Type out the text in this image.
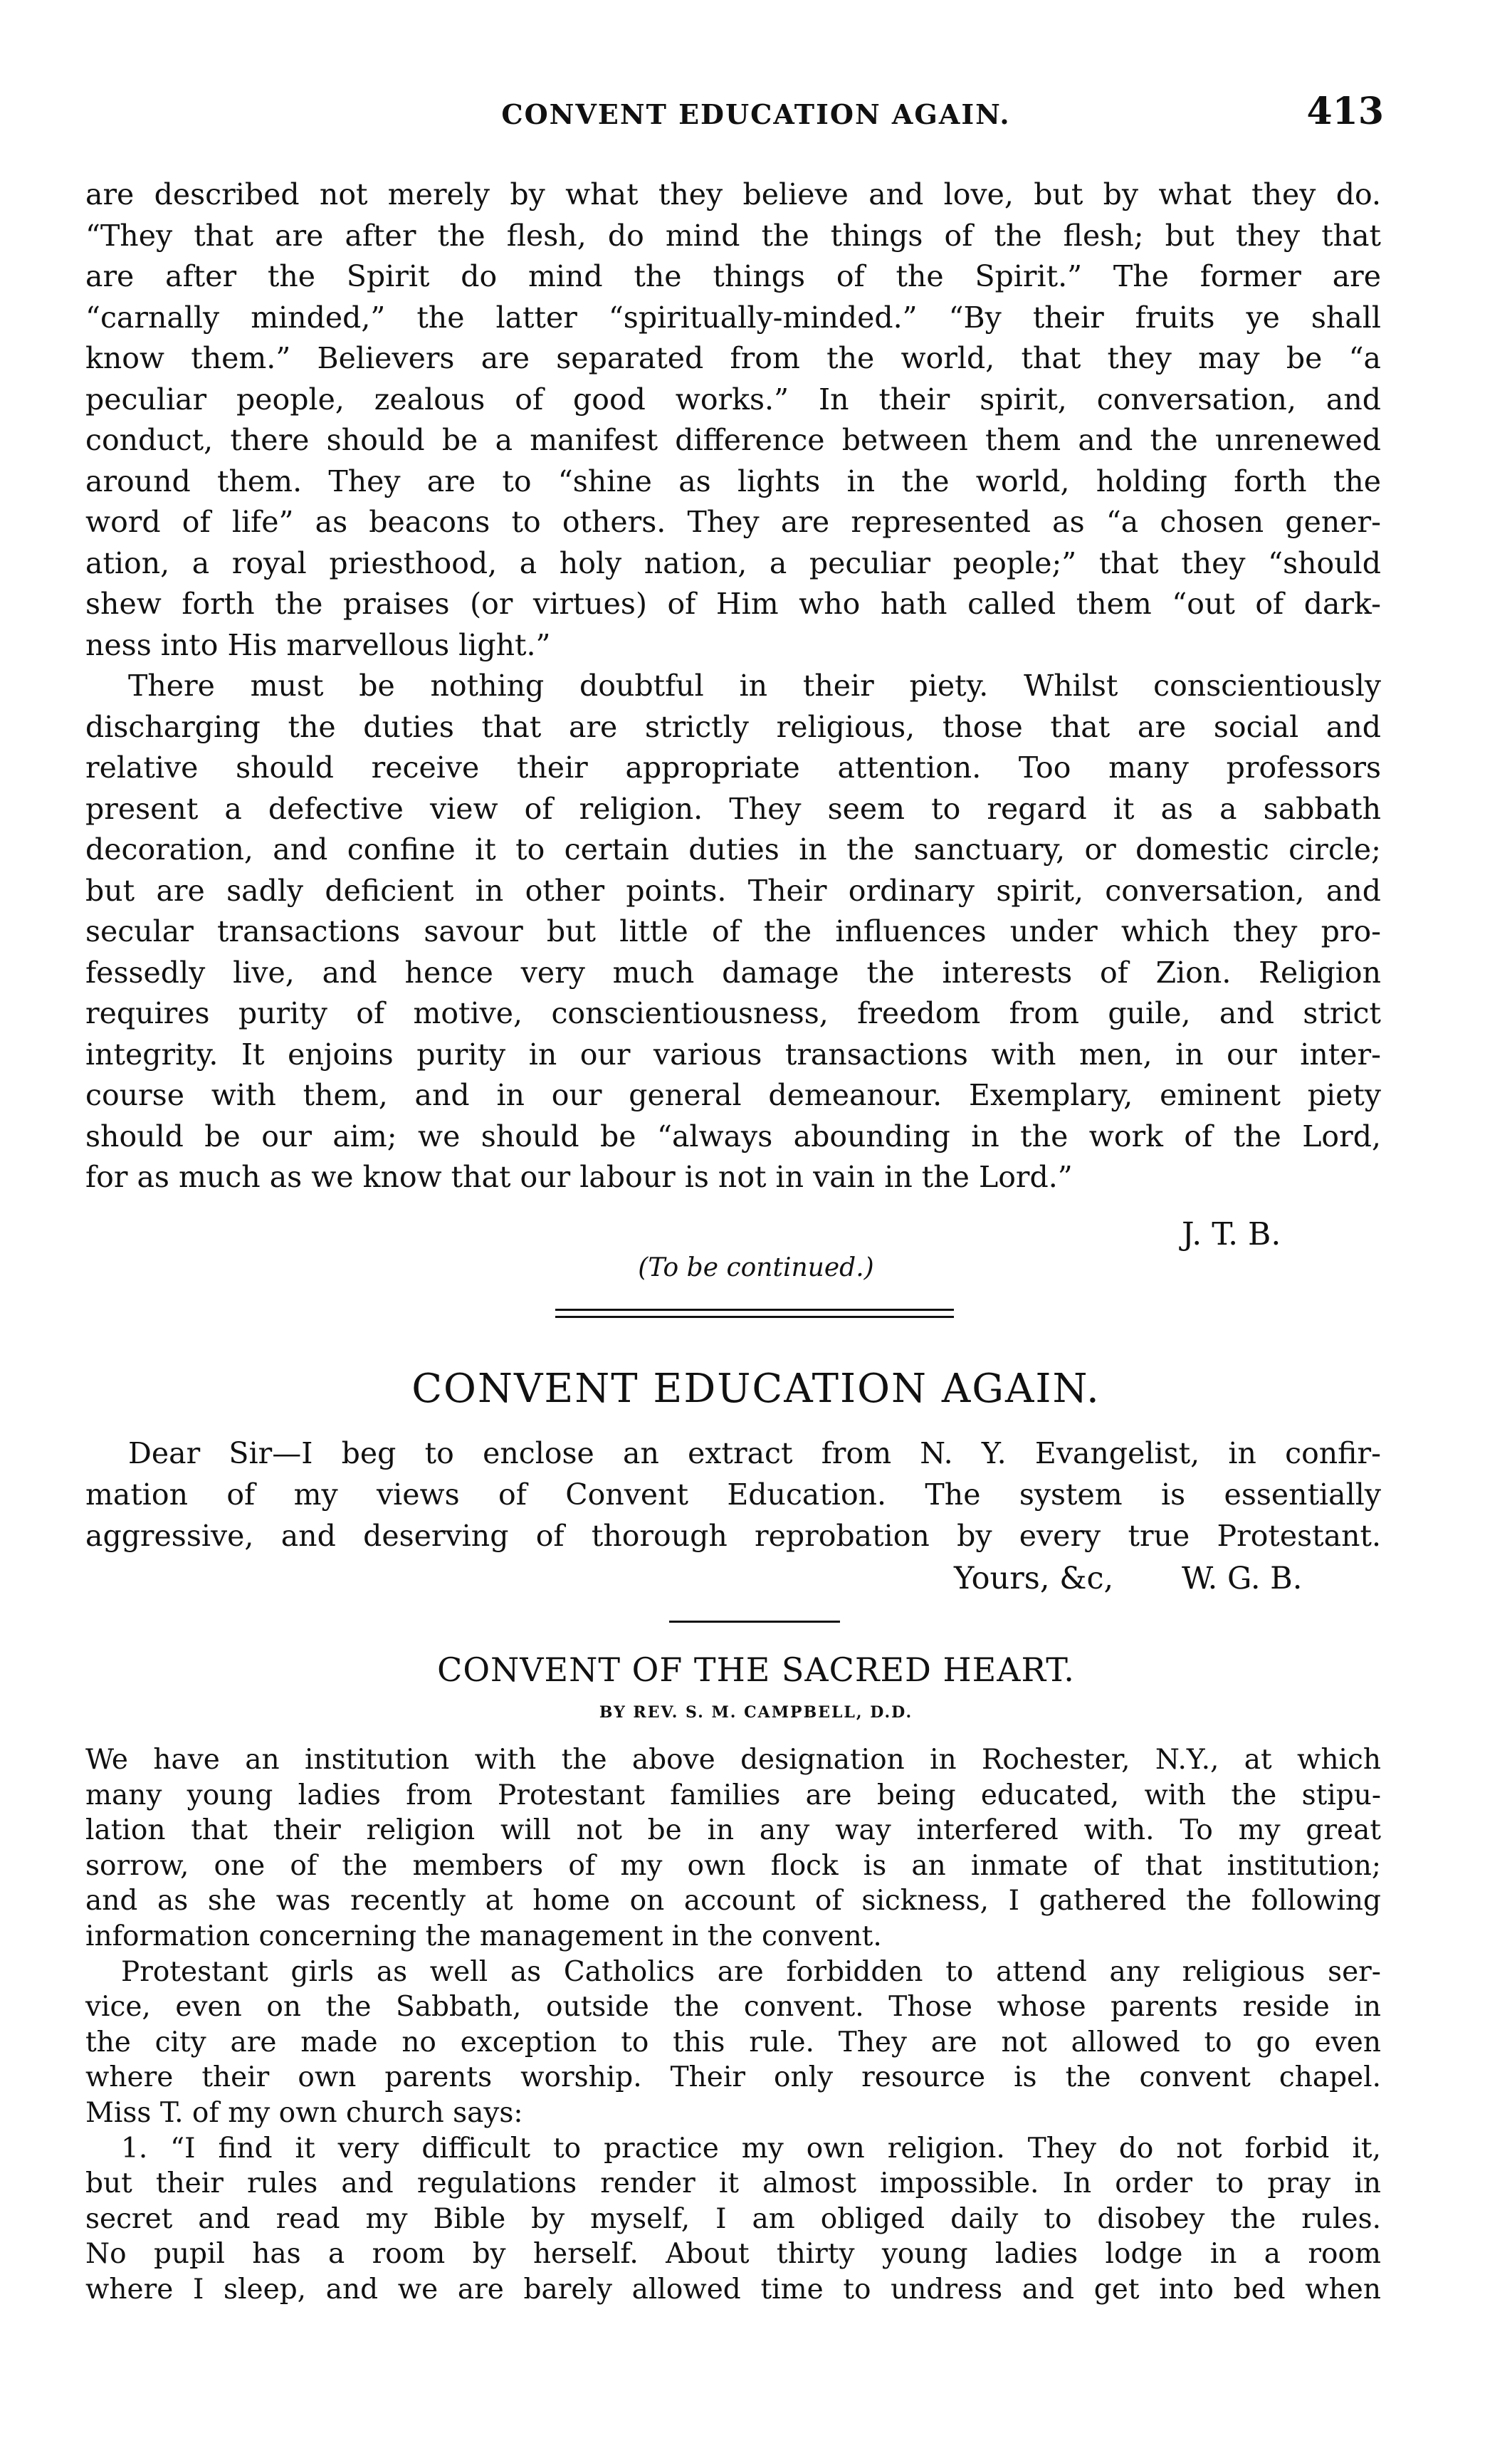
CONVENT EDUCATION AGAIN.	413
are described not merely by what they believe and love, but by what they do.
“They that are after the flesh, do mind the things of the flesh; but they that
are after the Spirit do mind the things of the Spirit.” The former are
“carnally minded,” the latter “spiritually-minded.” “By their fruits ye shall
know them.” Believers are separated from the world, that they may be “a
peculiar people, zealous of good works.” In their spirit, conversation, and
conduct, there should be a manifest difference between them and the unrenewed
around them. They are to “shine as lights in the world, holding forth the
word of life” as beacons to others. They are represented as “a chosen gener-
ation, a royal priesthood, a holy nation, a peculiar people;” that they “should
shew forth the praises (or virtues) of Him who hath called them “out of dark-
ness into His marvellous light.”
There must be nothing doubtful in their piety. Whilst conscientiously
discharging the duties that are strictly religious, those that are social and
relative should receive their appropriate attention. Too many professors
present a defective view of religion. They seem to regard it as a sabbath
decoration, and confine it to certain duties in the sanctuary, or domestic circle;
but are sadly deficient in other points. Their ordinary spirit, conversation, and
secular transactions savour but little of the influences under which they pro-
fessedly live, and hence very much damage the interests of Zion. Religion
requires purity of motive, conscientiousness, freedom from guile, and strict
integrity. It enjoins purity in our various transactions with men, in our inter-
course with them, and in our general demeanour. Exemplary, eminent piety
should be our aim; we should be “always abounding in the work of the Lord,
for as much as we know that our labour is not in vain in the Lord.”
J. T. B.
(To be continued.)
CONVENT EDUCATION AGAIN.
Dear Sir—I beg to enclose an extract from N. Y. Evangelist, in confir-
mation of my views of Convent Education. The system is essentially
aggressive, and deserving of thorough reprobation by every true Protestant.
Yours, &c, W. G. B.
CONVENT OF THE SACRED HEART.
BY REV. S. M. CAMPBELL, D.D.
We have an institution with the above designation in Rochester, N.Y., at which
many young ladies from Protestant families are being educated, with the stipu-
lation that their religion will not be in any way interfered with. To my great
sorrow, one of the members of my own flock is an inmate of that institution;
and as she was recently at home on account of sickness, I gathered the following
information concerning the management in the convent.
Protestant girls as well as Catholics are forbidden to attend any religious ser-
vice, even on the Sabbath, outside the convent. Those whose parents reside in
the city are made no exception to this rule. They are not allowed to go even
where their own parents worship. Their only resource is the convent chapel.
Miss T. of my own church says:
1. “I find it very difficult to practice my own religion. They do not forbid it,
but their rules and regulations render it almost impossible. In order to pray in
secret and read my Bible by myself, I am obliged daily to disobey the rules.
No pupil has a room by herself. About thirty young ladies lodge in a room
where I sleep, and we are barely allowed time to undress and get into bed when
